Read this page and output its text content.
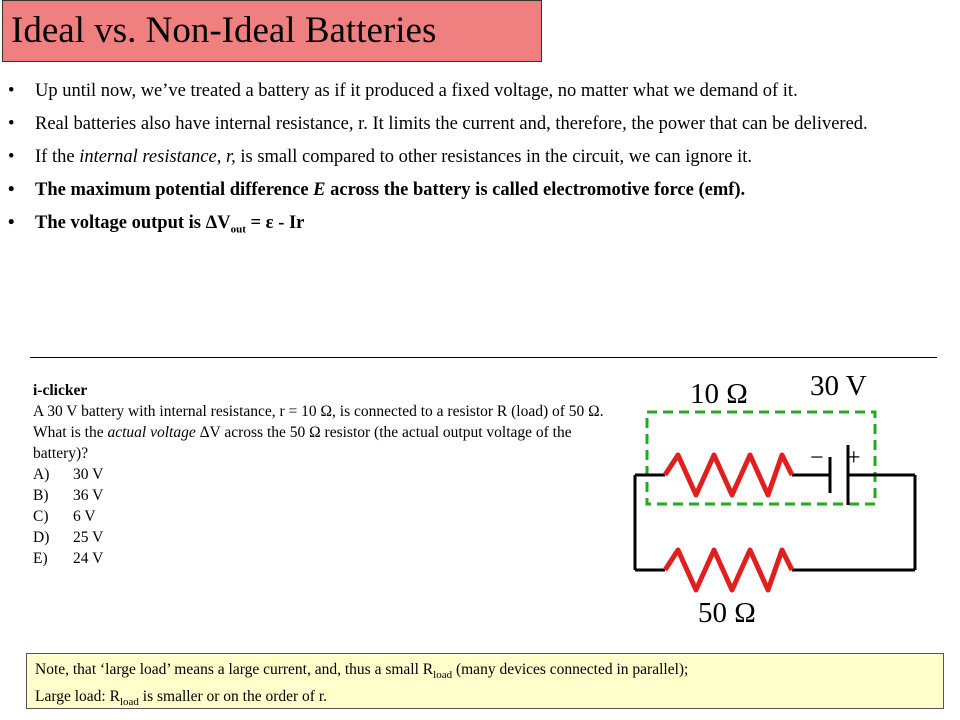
Ideal vs. Non-Ideal Batteries
• Up until now, we’ve treated a battery as if it produced a fixed voltage, no matter what we demand of it.
• Real batteries also have internal resistance, r. It limits the current and, therefore, the power that can be delivered.
• If the internal resistance, r, is small compared to other resistances in the circuit, we can ignore it.
• The maximum potential difference E across the battery is called electromotive force (emf).
• The voltage output is $\Delta V_{out} = \varepsilon - Ir$
i-clicker
A 30 V battery with internal resistance, r = 10 Ω, is connected to a resistor R (load) of 50 Ω. What is the actual voltage ΔV across the 50 Ω resistor (the actual output voltage of the battery)?
A)	30 V
B)	36 V
C)	6 V
D)	25 V
E)	24 V
− +
10 Ω 30 V
50 Ω
Note, that ‘large load’ means a large current, and, thus a small $R_{load}$ (many devices connected in parallel);
Large load: $R_{load}$ is smaller or on the order of r.
